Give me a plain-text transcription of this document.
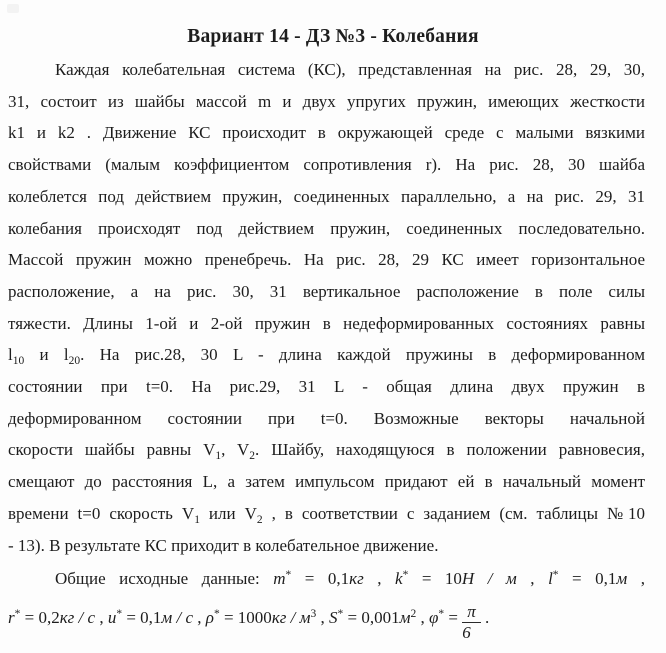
Вариант 14 - ДЗ №3 - Колебания
Каждая колебательная система (КС), представленная на рис. 28, 29, 30,
31, состоит из шайбы массой m и двух упругих пружин, имеющих жесткости
k1 и k2 . Движение КС происходит в окружающей среде с малыми вязкими
свойствами (малым коэффициентом сопротивления r). На рис. 28, 30 шайба
колеблется под действием пружин, соединенных параллельно, а на рис. 29, 31
колебания происходят под действием пружин, соединенных последовательно.
Массой пружин можно пренебречь. На рис. 28, 29 КС имеет горизонтальное
расположение, а на рис. 30, 31 вертикальное расположение в поле силы
тяжести. Длины 1-ой и 2-ой пружин в недеформированных состояниях равны
$l_{10}$ и $l_{20}$. На рис.28, 30 L - длина каждой пружины в деформированном
состоянии при t=0. На рис.29, 31 L - общая длина двух пружин в
деформированном состоянии при t=0. Возможные векторы начальной
скорости шайбы равны $V_1$, $V_2$. Шайбу, находящуюся в положении равновесия,
смещают до расстояния L, а затем импульсом придают ей в начальный момент
времени t=0 скорость $V_1$ или $V_2$ , в соответствии с заданием (см. таблицы №10
- 13). В результате КС приходит в колебательное движение.
Общие исходные данные: m* = 0,1кг , k* = 10Н / м , l* = 0,1м ,
r* = 0,2кг / с , u* = 0,1м / с , $\rho^* = 1000кг / м^3$ , $S^* = 0,001м^2$ , $\varphi^* = \frac{\pi}{6}$ .
